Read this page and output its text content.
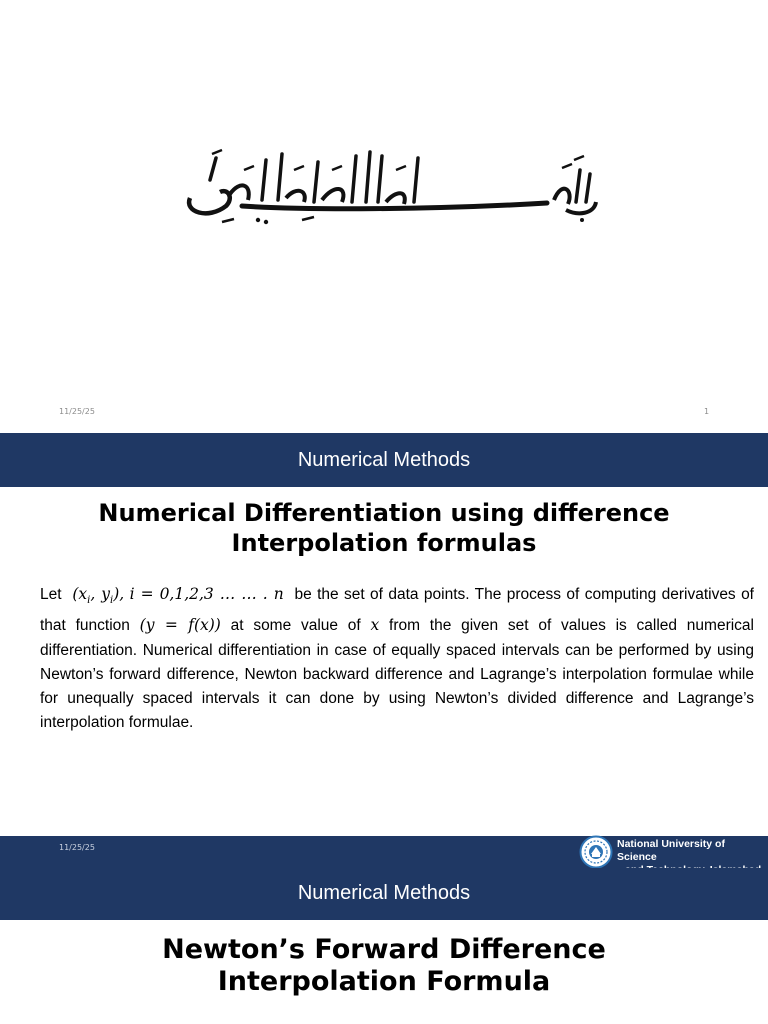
11/25/25	1
Numerical Methods
Numerical Differentiation using difference
Interpolation formulas
Let ($x_i$, $y_i$), i = 0,1,2,3 … … . n be the set of data points. The process of computing derivatives of that function (y = f(x)) at some value of x from the given set of values is called numerical differentiation. Numerical differentiation in case of equally spaced intervals can be performed by using Newton’s forward difference, Newton backward difference and Lagrange’s interpolation formulae while for unequally spaced intervals it can done by using Newton’s divided difference and Lagrange’s interpolation formulae.
11/25/25	National University of Science
Numerical Methods
Newton’s Forward Difference
Interpolation Formula
